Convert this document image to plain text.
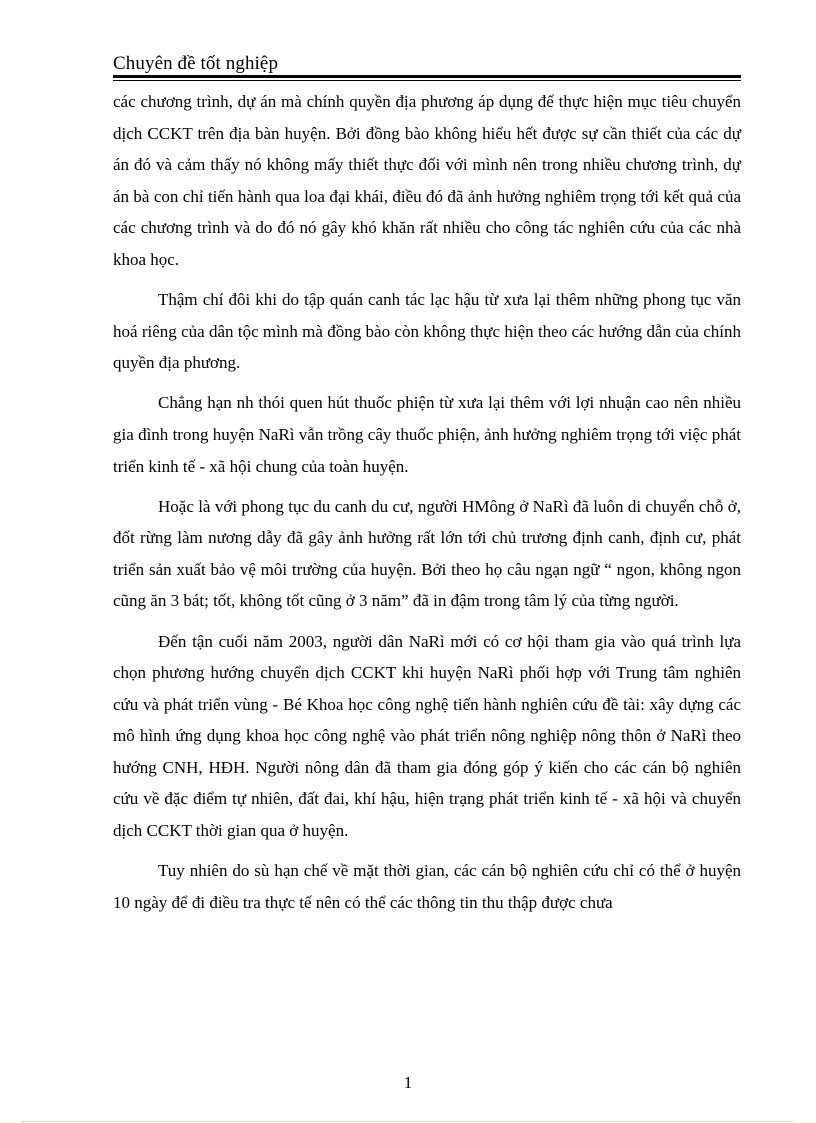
Chuyên đề tốt nghiệp

các chương trình, dự án mà chính quyền địa phương áp dụng để thực hiện mục tiêu chuyển dịch CCKT trên địa bàn huyện. Bởi đồng bào không hiểu hết được sự cần thiết của các dự án đó và cảm thấy nó không mấy thiết thực đối với mình nên trong nhiều chương trình, dự án bà con chỉ tiến hành qua loa đại khái, điều đó đã ảnh hưởng nghiêm trọng tới kết quả của các chương trình và do đó nó gây khó khăn rất nhiều cho công tác nghiên cứu của các nhà khoa học.

Thậm chí đôi khi do tập quán canh tác lạc hậu từ xưa lại thêm những phong tục văn hoá riêng của dân tộc mình mà đồng bào còn không thực hiện theo các hướng dẫn của chính quyền địa phương.

Chẳng hạn nh thói quen hút thuốc phiện từ xưa lại thêm với lợi nhuận cao nên nhiều gia đình trong huyện NaRì vẫn trồng cây thuốc phiện, ảnh hưởng nghiêm trọng tới việc phát triển kinh tế - xã hội chung của toàn huyện.

Hoặc là với phong tục du canh du cư, người HMông ở NaRì đã luôn di chuyển chỗ ở, đốt rừng làm nương dẫy đã gây ảnh hưởng rất lớn tới chủ trương định canh, định cư, phát triển sản xuất bảo vệ môi trường của huyện. Bởi theo họ câu ngạn ngữ “ ngon, không ngon cũng ăn 3 bát; tốt, không tốt cũng ở 3 năm” đã in đậm trong tâm lý của từng người.

Đến tận cuối năm 2003, người dân NaRì mới có cơ hội tham gia vào quá trình lựa chọn phương hướng chuyển dịch CCKT khi huyện NaRì phối hợp với Trung tâm nghiên cứu và phát triển vùng - Bé Khoa học công nghệ tiến hành nghiên cứu đề tài: xây dựng các mô hình ứng dụng khoa học công nghệ vào phát triển nông nghiệp nông thôn ở NaRì theo hướng CNH, HĐH. Người nông dân đã tham gia đóng góp ý kiến cho các cán bộ nghiên cứu về đặc điểm tự nhiên, đất đai, khí hậu, hiện trạng phát triển kinh tế - xã hội và chuyển dịch CCKT thời gian qua ở huyện.

Tuy nhiên do sù hạn chế về mặt thời gian, các cán bộ nghiên cứu chỉ có thể ở huyện 10 ngày để đi điều tra thực tế nên có thể các thông tin thu thập được chưa

1
